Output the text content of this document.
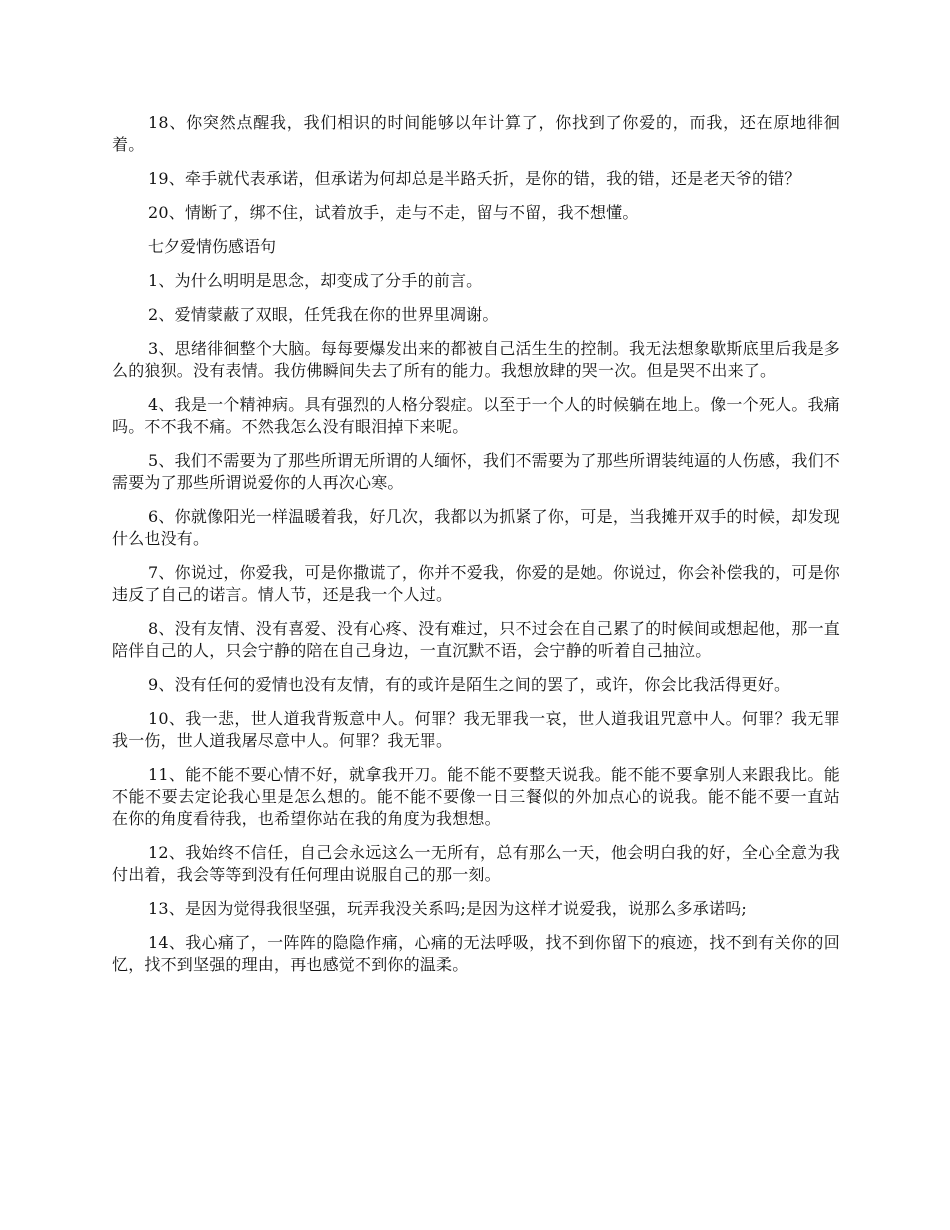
18、你突然点醒我，我们相识的时间能够以年计算了，你找到了你爱的，而我，还在原地徘徊着。

19、牵手就代表承诺，但承诺为何却总是半路夭折，是你的错，我的错，还是老天爷的错？

20、情断了，绑不住，试着放手，走与不走，留与不留，我不想懂。

七夕爱情伤感语句

1、为什么明明是思念，却变成了分手的前言。

2、爱情蒙蔽了双眼，任凭我在你的世界里凋谢。

3、思绪徘徊整个大脑。每每要爆发出来的都被自己活生生的控制。我无法想象歇斯底里后我是多么的狼狈。没有表情。我仿佛瞬间失去了所有的能力。我想放肆的哭一次。但是哭不出来了。

4、我是一个精神病。具有强烈的人格分裂症。以至于一个人的时候躺在地上。像一个死人。我痛吗。不不我不痛。不然我怎么没有眼泪掉下来呢。

5、我们不需要为了那些所谓无所谓的人缅怀，我们不需要为了那些所谓装纯逼的人伤感，我们不需要为了那些所谓说爱你的人再次心寒。

6、你就像阳光一样温暖着我，好几次，我都以为抓紧了你，可是，当我摊开双手的时候，却发现什么也没有。

7、你说过，你爱我，可是你撒谎了，你并不爱我，你爱的是她。你说过，你会补偿我的，可是你违反了自己的诺言。情人节，还是我一个人过。

8、没有友情、没有喜爱、没有心疼、没有难过，只不过会在自己累了的时候间或想起他，那一直陪伴自己的人，只会宁静的陪在自己身边，一直沉默不语，会宁静的听着自己抽泣。

9、没有任何的爱情也没有友情，有的或许是陌生之间的罢了，或许，你会比我活得更好。

10、我一悲，世人道我背叛意中人。何罪？我无罪我一哀，世人道我诅咒意中人。何罪？我无罪我一伤，世人道我屠尽意中人。何罪？我无罪。

11、能不能不要心情不好，就拿我开刀。能不能不要整天说我。能不能不要拿别人来跟我比。能不能不要去定论我心里是怎么想的。能不能不要像一日三餐似的外加点心的说我。能不能不要一直站在你的角度看待我，也希望你站在我的角度为我想想。

12、我始终不信任，自己会永远这么一无所有，总有那么一天，他会明白我的好，全心全意为我付出着，我会等等到没有任何理由说服自己的那一刻。

13、是因为觉得我很坚强，玩弄我没关系吗;是因为这样才说爱我，说那么多承诺吗;

14、我心痛了，一阵阵的隐隐作痛，心痛的无法呼吸，找不到你留下的痕迹，找不到有关你的回忆，找不到坚强的理由，再也感觉不到你的温柔。
